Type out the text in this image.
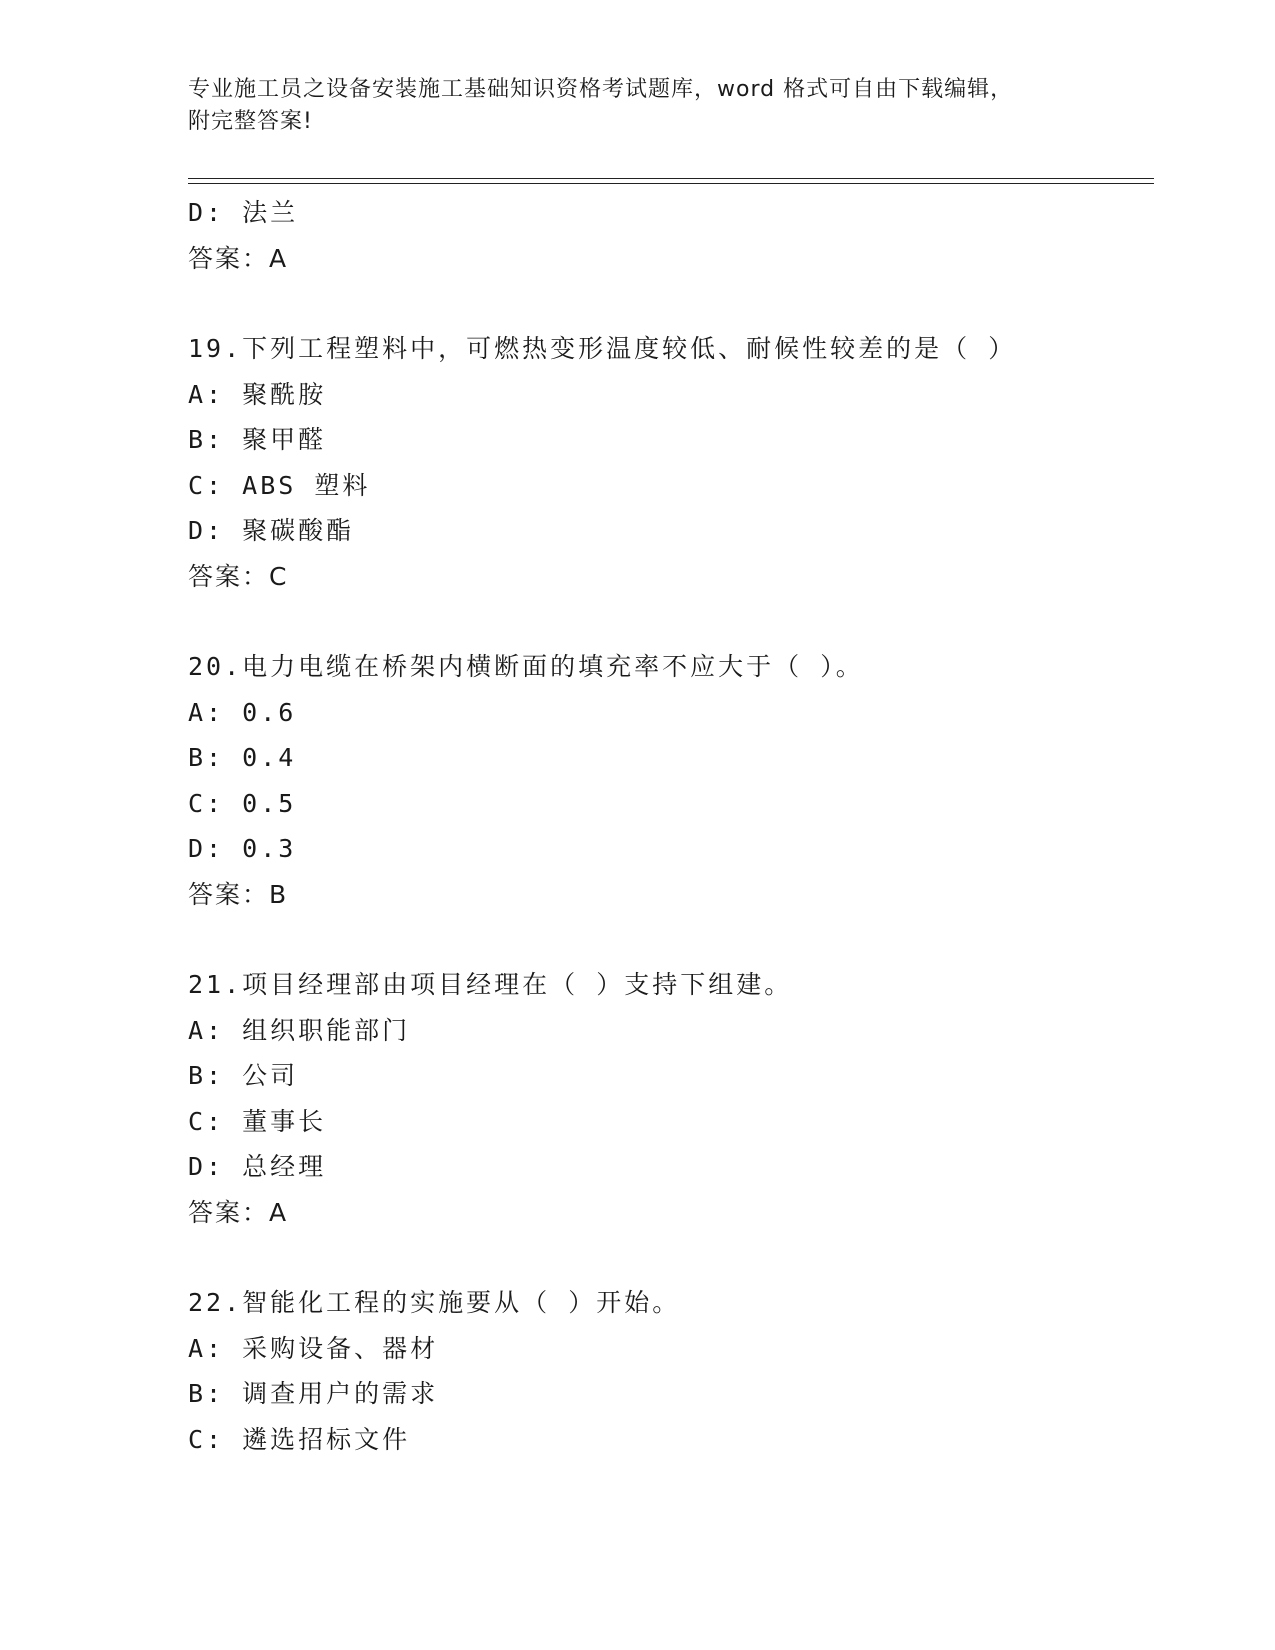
专业施工员之设备安装施工基础知识资格考试题库，word 格式可自由下载编辑，
附完整答案!
D: 法兰
答案：A
19.下列工程塑料中，可燃热变形温度较低、耐候性较差的是（ ）
A: 聚酰胺
B: 聚甲醛
C: ABS 塑料
D: 聚碳酸酯
答案：C
20.电力电缆在桥架内横断面的填充率不应大于（ ）。
A: 0.6
B: 0.4
C: 0.5
D: 0.3
答案：B
21.项目经理部由项目经理在（ ）支持下组建。
A: 组织职能部门
B: 公司
C: 董事长
D: 总经理
答案：A
22.智能化工程的实施要从（ ）开始。
A: 采购设备、器材
B: 调查用户的需求
C: 遴选招标文件
